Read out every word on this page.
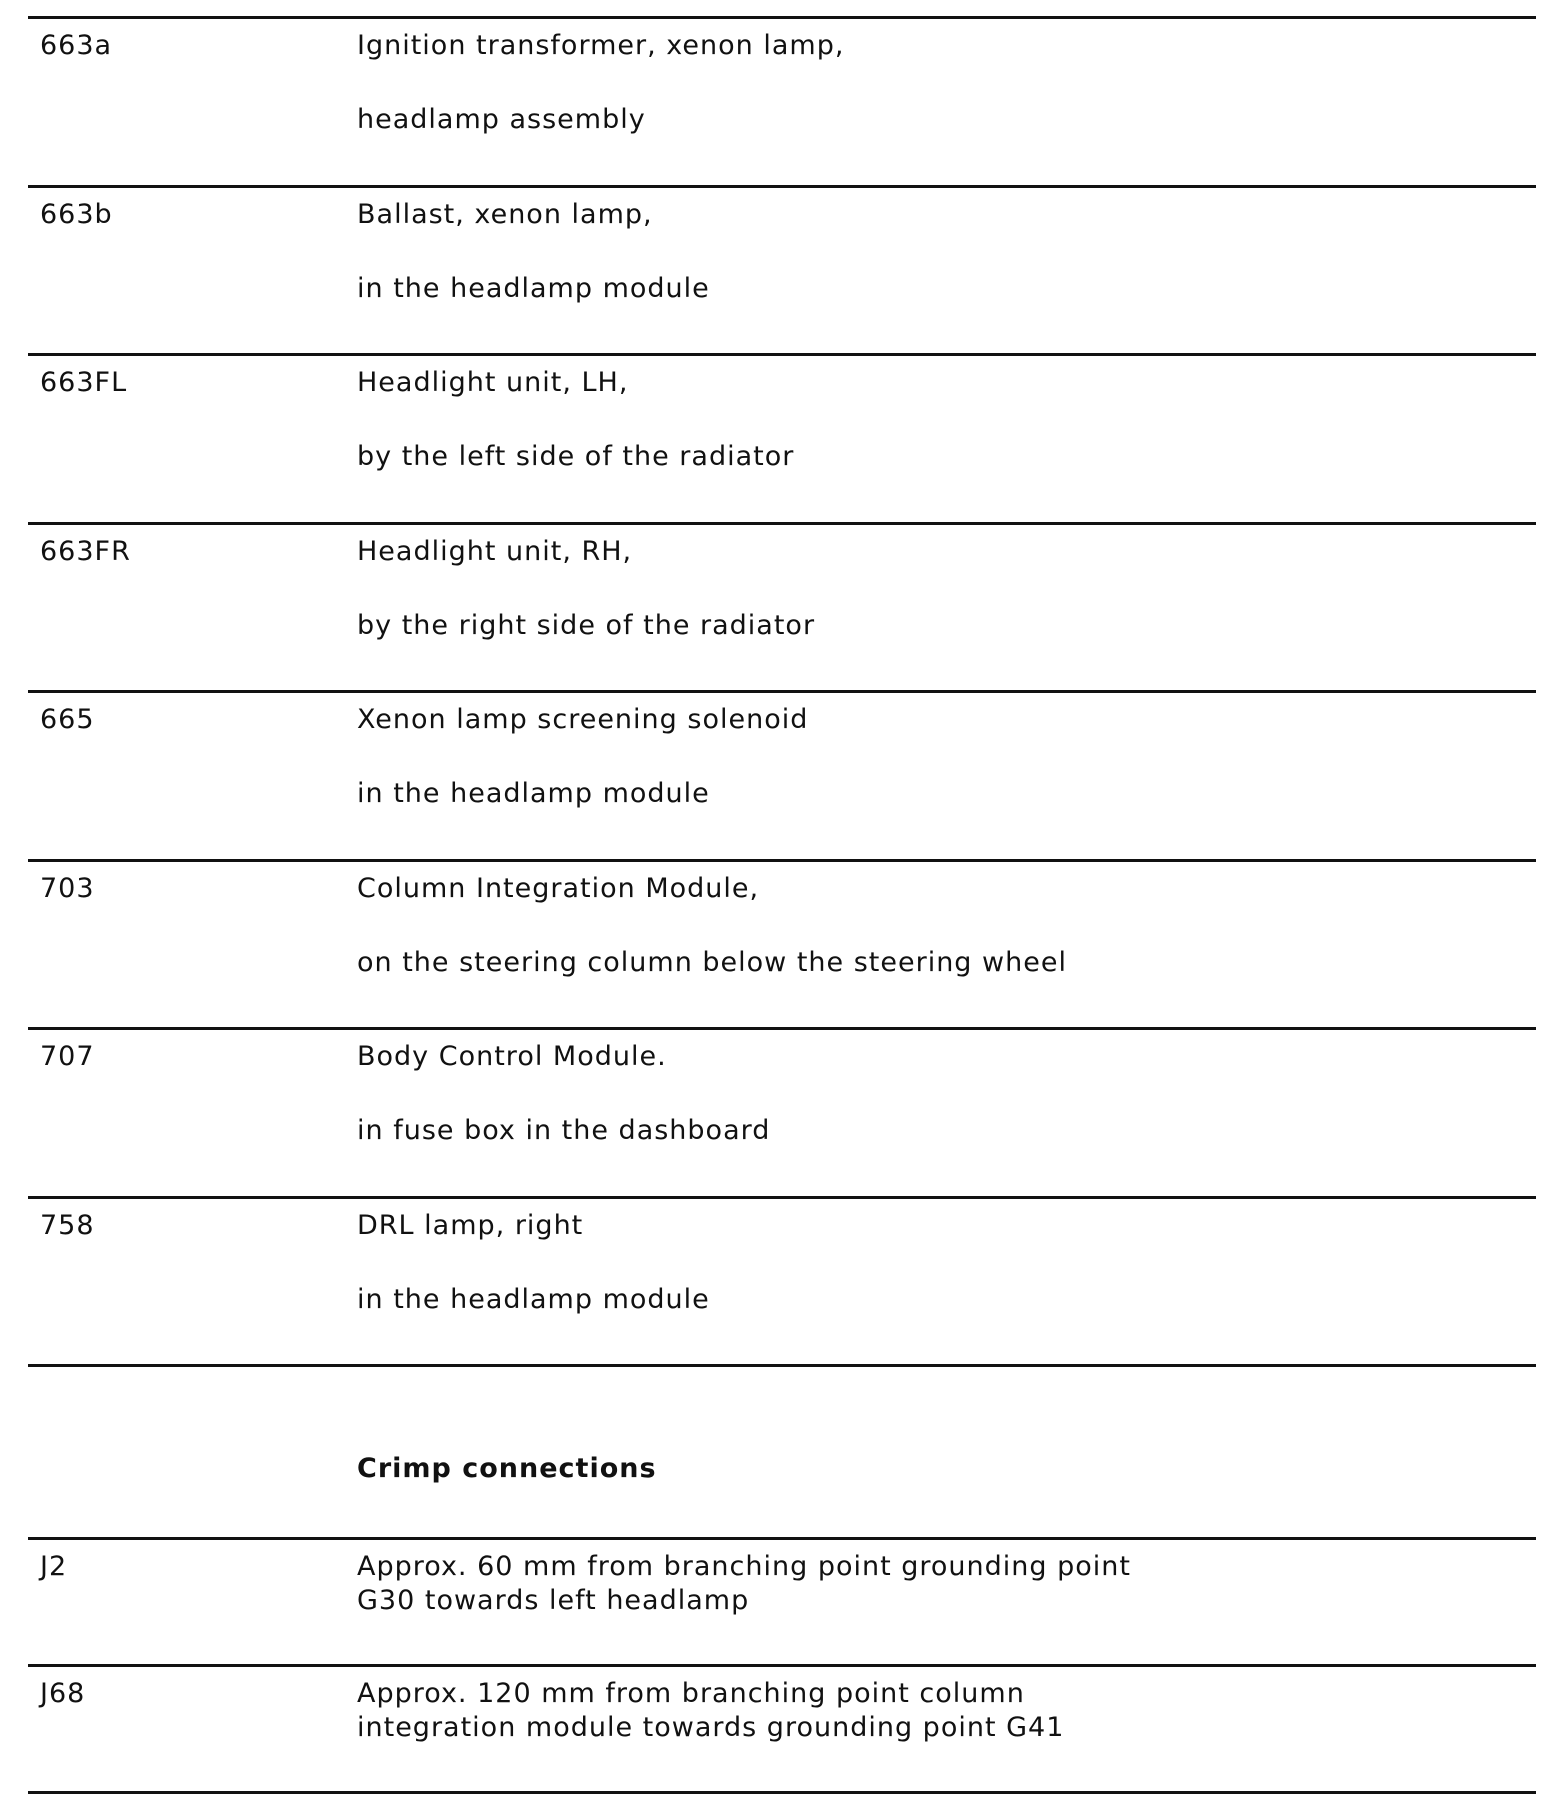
663a	Ignition transformer, xenon lamp,
headlamp assembly
663b	Ballast, xenon lamp,
in the headlamp module
663FL	Headlight unit, LH,
by the left side of the radiator
663FR	Headlight unit, RH,
by the right side of the radiator
665	Xenon lamp screening solenoid
in the headlamp module
703	Column Integration Module,
on the steering column below the steering wheel
707	Body Control Module.
in fuse box in the dashboard
758	DRL lamp, right
in the headlamp module
Crimp connections
J2	Approx. 60 mm from branching point grounding point
G30 towards left headlamp
J68	Approx. 120 mm from branching point column
integration module towards grounding point G41
